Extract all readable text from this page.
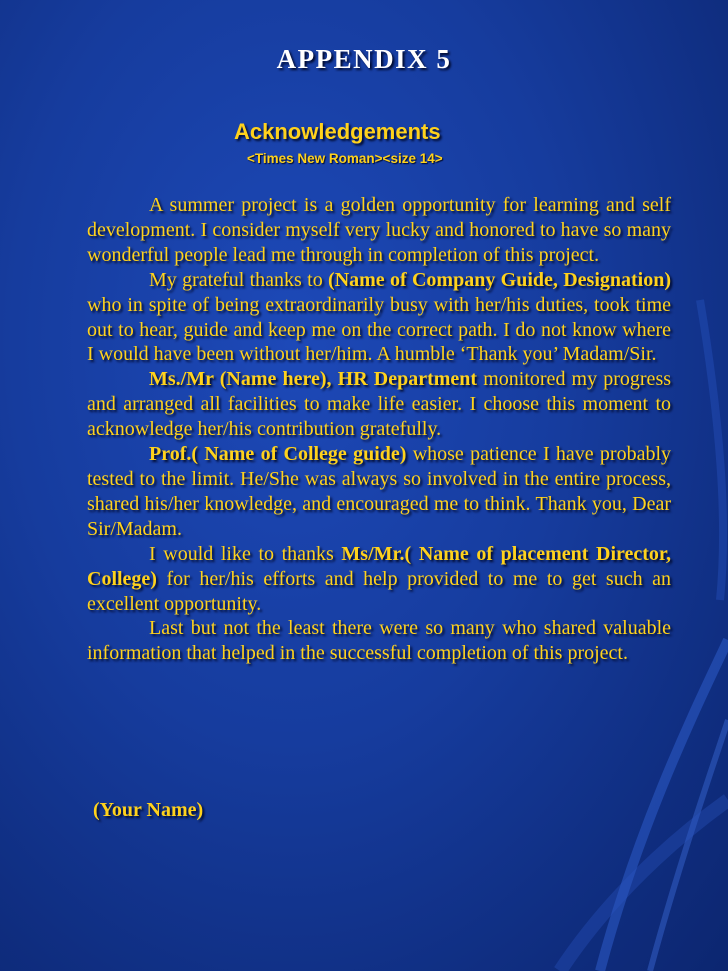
APPENDIX 5
Acknowledgements
<Times New Roman><size 14>

A summer project is a golden opportunity for learning and self development. I consider myself very lucky and honored to have so many wonderful people lead me through in completion of this project.

My grateful thanks to (Name of Company Guide, Designation) who in spite of being extraordinarily busy with her/his duties, took time out to hear, guide and keep me on the correct path. I do not know where I would have been without her/him. A humble ‘Thank you’ Madam/Sir.

Ms./Mr (Name here), HR Department monitored my progress and arranged all facilities to make life easier. I choose this moment to acknowledge her/his contribution gratefully.

Prof.( Name of College guide) whose patience I have probably tested to the limit. He/She was always so involved in the entire process, shared his/her knowledge, and encouraged me to think. Thank you, Dear Sir/Madam.

I would like to thanks Ms/Mr.( Name of placement Director, College) for her/his efforts and help provided to me to get such an excellent opportunity.

Last but not the least there were so many who shared valuable information that helped in the successful completion of this project.

(Your Name)
